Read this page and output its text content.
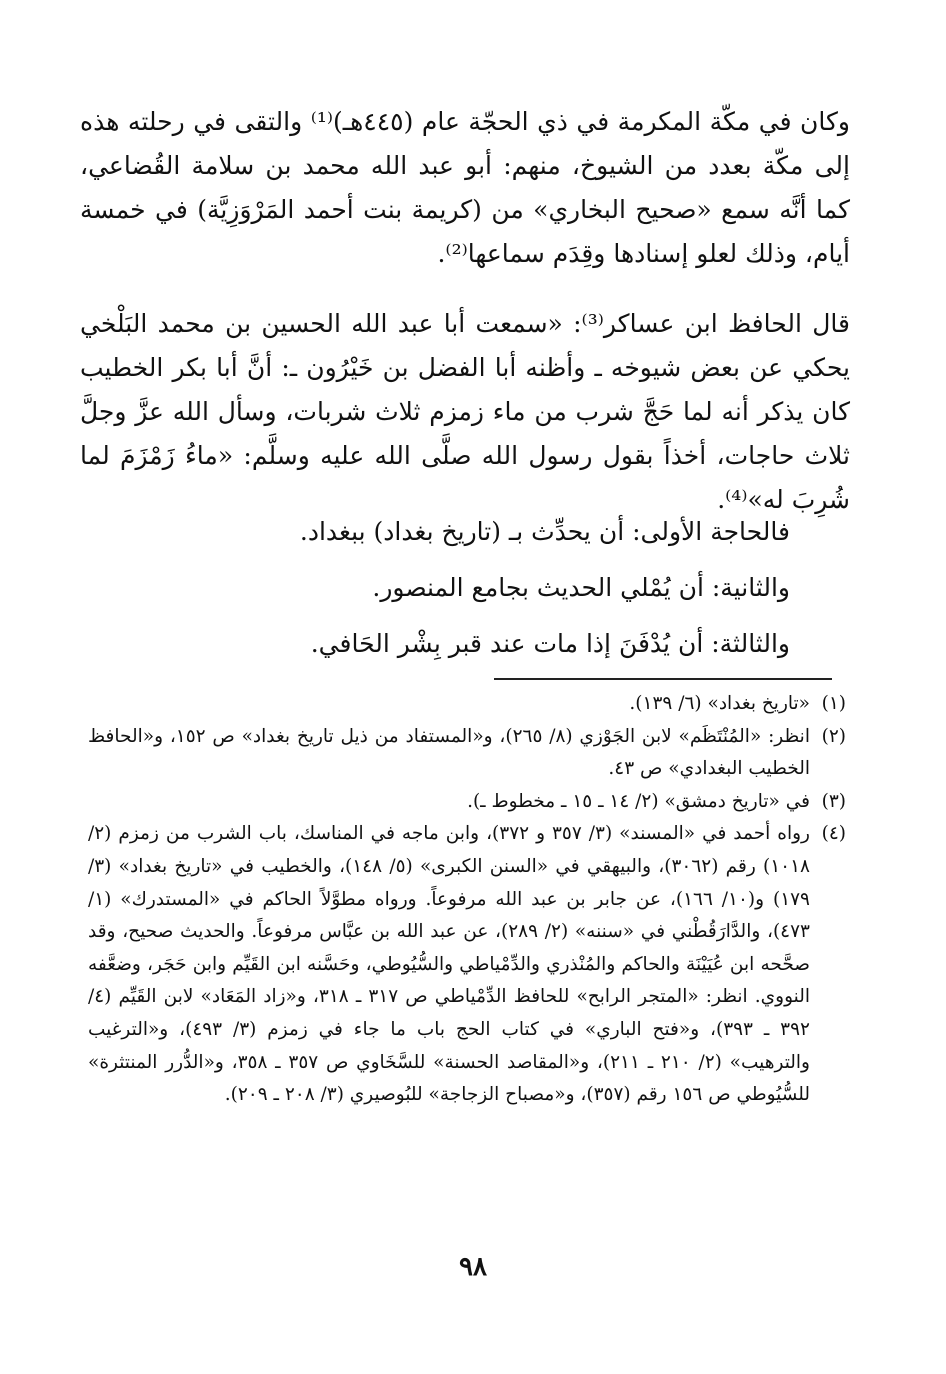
وكان في مكّة المكرمة في ذي الحجّة عام (٤٤٥هـ)⁽¹⁾ والتقى في رحلته هذه إلى مكّة بعدد من الشيوخ، منهم: أبو عبد الله محمد بن سلامة القُضاعي، كما أنَّه سمع «صحيح البخاري» من (كريمة بنت أحمد المَرْوَزِيَّة) في خمسة أيام، وذلك لعلو إسنادها وقِدَم سماعها⁽²⁾.
قال الحافظ ابن عساكر⁽³⁾: «سمعت أبا عبد الله الحسين بن محمد البَلْخي يحكي عن بعض شيوخه ـ وأظنه أبا الفضل بن خَيْرُون ـ: أنَّ أبا بكر الخطيب كان يذكر أنه لما حَجَّ شرب من ماء زمزم ثلاث شربات، وسأل الله عزَّ وجلَّ ثلاث حاجات، أخذاً بقول رسول الله صلَّى الله عليه وسلَّم: «ماءُ زَمْزَمَ لما شُرِبَ له»⁽⁴⁾.
فالحاجة الأولى: أن يحدِّث بـ (تاريخ بغداد) ببغداد.
والثانية: أن يُمْلي الحديث بجامع المنصور.
والثالثة: أن يُدْفَنَ إذا مات عند قبر بِشْر الحَافي.
(١)
«تاريخ بغداد» (٦/ ١٣٩).
(٢)
انظر: «المُنْتَظَم» لابن الجَوْزي (٨/ ٢٦٥)، و«المستفاد من ذيل تاريخ بغداد» ص ١٥٢، و«الحافظ الخطيب البغدادي» ص ٤٣.
(٣)
في «تاريخ دمشق» (٢/ ١٤ ـ ١٥ ـ مخطوط ـ).
(٤)
رواه أحمد في «المسند» (٣/ ٣٥٧ و ٣٧٢)، وابن ماجه في المناسك، باب الشرب من زمزم (٢/ ١٠١٨) رقم (٣٠٦٢)، والبيهقي في «السنن الكبرى» (٥/ ١٤٨)، والخطيب في «تاريخ بغداد» (٣/ ١٧٩) و(١٠/ ١٦٦)، عن جابر بن عبد الله مرفوعاً. ورواه مطوَّلاً الحاكم في «المستدرك» (١/ ٤٧٣)، والدَّارَقُطْني في «سننه» (٢/ ٢٨٩)، عن عبد الله بن عبَّاس مرفوعاً. والحديث صحيح، وقد صحَّحه ابن عُيَيْنَة والحاكم والمُنْذري والدِّمْياطي والسُّيُوطي، وحَسَّنه ابن القَيِّم وابن حَجَر، وضعَّفه النووي. انظر: «المتجر الرابح» للحافظ الدِّمْياطي ص ٣١٧ ـ ٣١٨، و«زاد المَعَاد» لابن القَيِّم (٤/ ٣٩٢ ـ ٣٩٣)، و«فتح الباري» في كتاب الحج باب ما جاء في زمزم (٣/ ٤٩٣)، و«الترغيب والترهيب» (٢/ ٢١٠ ـ ٢١١)، و«المقاصد الحسنة» للسَّخَاوي ص ٣٥٧ ـ ٣٥٨، و«الدُّرر المنتثرة» للسُّيُوطي ص ١٥٦ رقم (٣٥٧)، و«مصباح الزجاجة» للبُوصيري (٣/ ٢٠٨ ـ ٢٠٩).
٩٨
